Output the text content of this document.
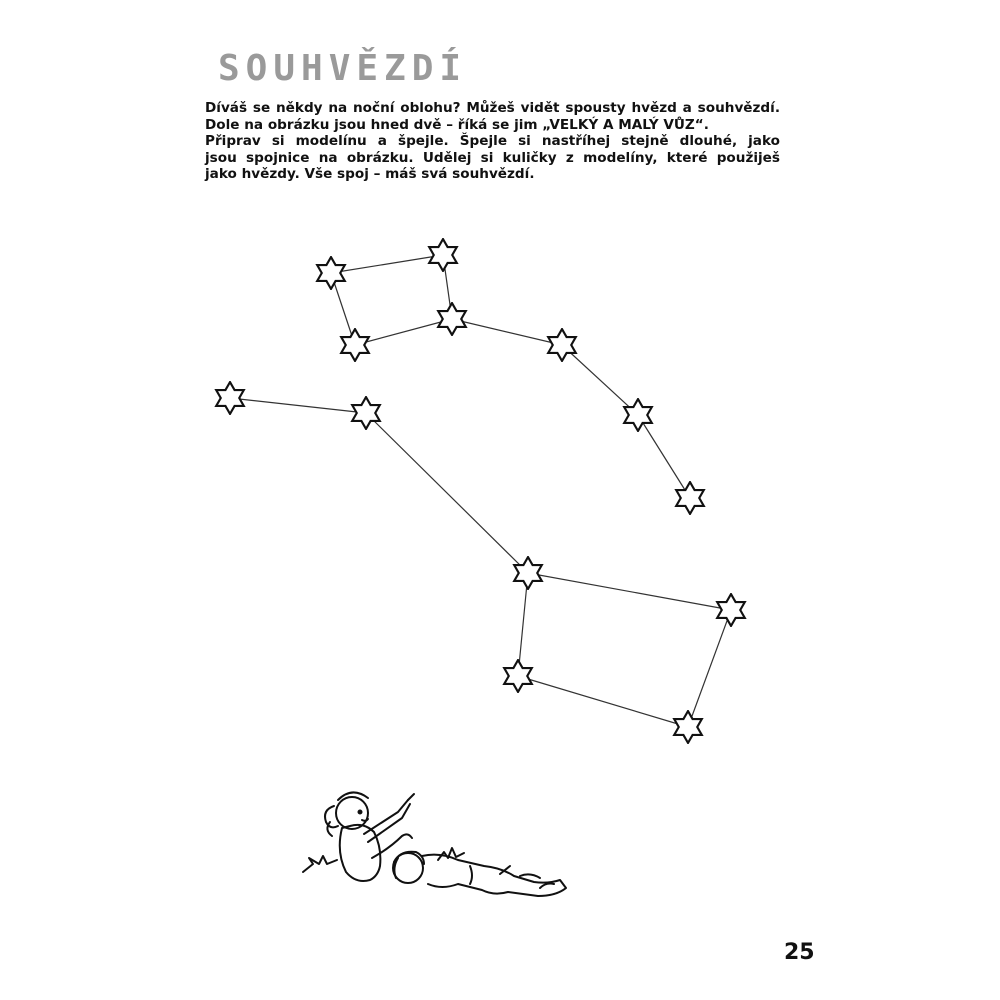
SOUHVĚZDÍ
Díváš se někdy na noční oblohu? Můžeš vidět spousty hvězd a souhvězdí.
Dole na obrázku jsou hned dvě – říká se jim „VELKÝ A MALÝ VŮZ“.
Připrav si modelínu a špejle. Špejle si nastříhej stejně dlouhé, jako
jsou spojnice na obrázku. Udělej si kuličky z modelíny, které použiješ
jako hvězdy. Vše spoj – máš svá souhvězdí.
25
